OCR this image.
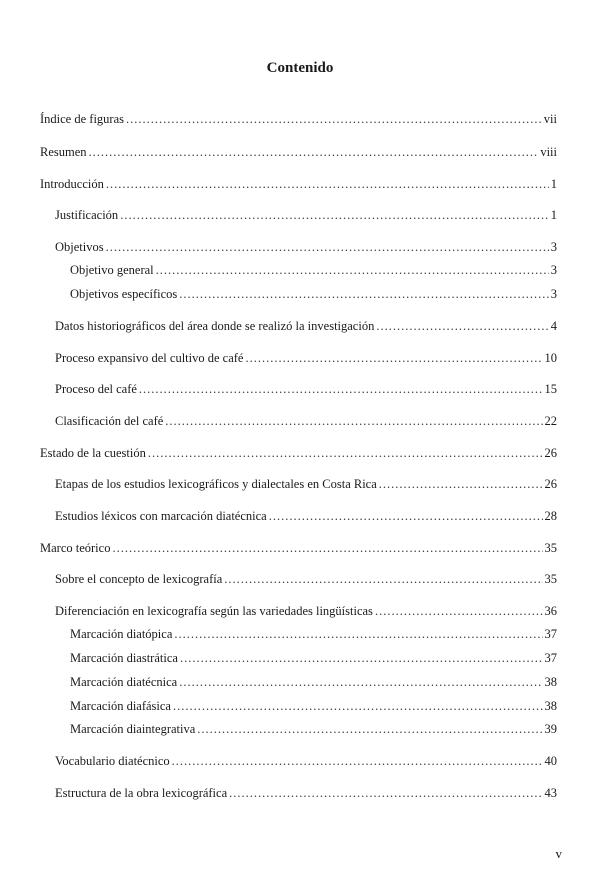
Contenido
Índice de figuras .....	vii
Resumen .....	viii
Introducción .....	1
Justificación .....	1
Objetivos .....	3
Objetivo general .....	3
Objetivos específicos .....	3
Datos historiográficos del área donde se realizó la investigación .....	4
Proceso expansivo del cultivo de café .....	10
Proceso del café .....	15
Clasificación del café .....	22
Estado de la cuestión .....	26
Etapas de los estudios lexicográficos y dialectales en Costa Rica .....	26
Estudios léxicos con marcación diatécnica .....	28
Marco teórico .....	35
Sobre el concepto de lexicografía .....	35
Diferenciación en lexicografía según las variedades lingüísticas .....	36
Marcación diatópica .....	37
Marcación diastrática .....	37
Marcación diatécnica .....	38
Marcación diafásica .....	38
Marcación diaintegrativa .....	39
Vocabulario diatécnico .....	40
Estructura de la obra lexicográfica .....	43
v
